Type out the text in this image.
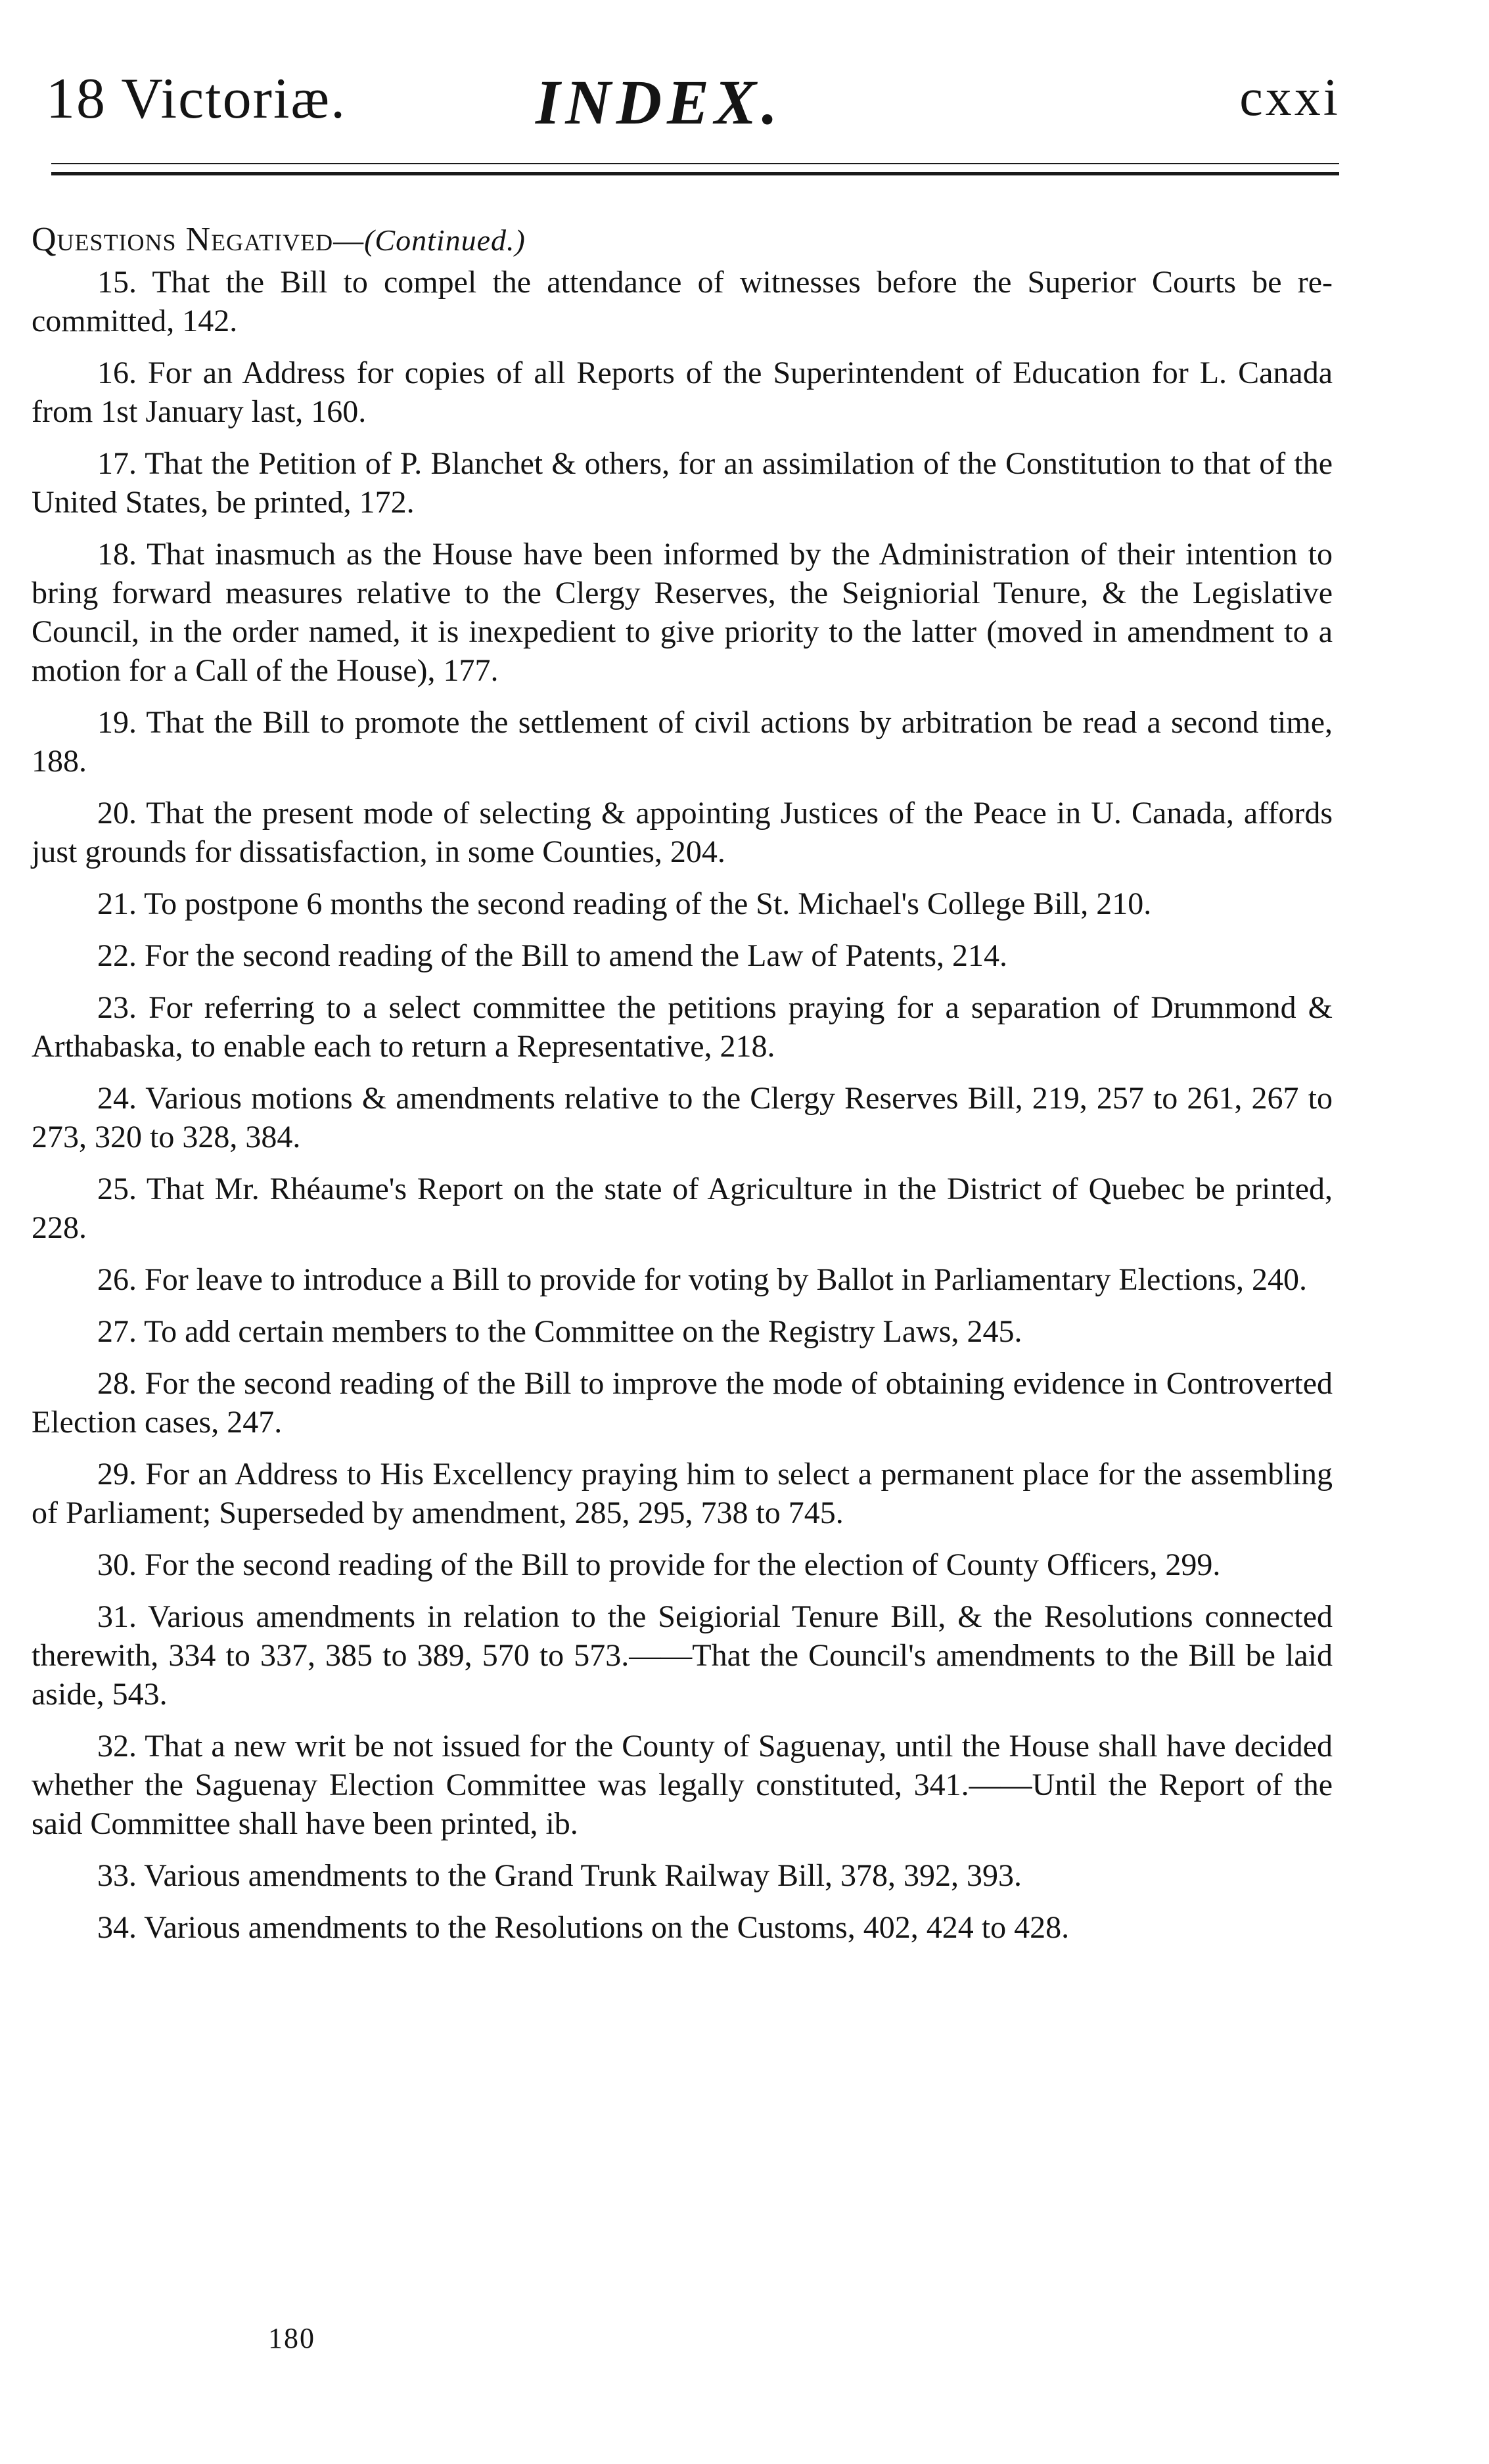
18 Victoriæ.	INDEX.	cxxi
Questions Negatived—(Continued.)

15. That the Bill to compel the attendance of witnesses before the Superior Courts be re-committed, 142.

16. For an Address for copies of all Reports of the Superintendent of Education for L. Canada from 1st January last, 160.

17. That the Petition of P. Blanchet & others, for an assimilation of the Constitution to that of the United States, be printed, 172.

18. That inasmuch as the House have been informed by the Administration of their intention to bring forward measures relative to the Clergy Reserves, the Seigniorial Tenure, & the Legislative Council, in the order named, it is inexpedient to give priority to the latter (moved in amendment to a motion for a Call of the House), 177.

19. That the Bill to promote the settlement of civil actions by arbitration be read a second time, 188.

20. That the present mode of selecting & appointing Justices of the Peace in U. Canada, affords just grounds for dissatisfaction, in some Counties, 204.

21. To postpone 6 months the second reading of the St. Michael's College Bill, 210.

22. For the second reading of the Bill to amend the Law of Patents, 214.

23. For referring to a select committee the petitions praying for a separation of Drummond & Arthabaska, to enable each to return a Representative, 218.

24. Various motions & amendments relative to the Clergy Reserves Bill, 219, 257 to 261, 267 to 273, 320 to 328, 384.

25. That Mr. Rhéaume's Report on the state of Agriculture in the District of Quebec be printed, 228.

26. For leave to introduce a Bill to provide for voting by Ballot in Parliamentary Elections, 240.

27. To add certain members to the Committee on the Registry Laws, 245.

28. For the second reading of the Bill to improve the mode of obtaining evidence in Controverted Election cases, 247.

29. For an Address to His Excellency praying him to select a permanent place for the assembling of Parliament; Superseded by amendment, 285, 295, 738 to 745.

30. For the second reading of the Bill to provide for the election of County Officers, 299.

31. Various amendments in relation to the Seigiorial Tenure Bill, & the Resolutions connected therewith, 334 to 337, 385 to 389, 570 to 573.——That the Council's amendments to the Bill be laid aside, 543.

32. That a new writ be not issued for the County of Saguenay, until the House shall have decided whether the Saguenay Election Committee was legally constituted, 341.——Until the Report of the said Committee shall have been printed, ib.

33. Various amendments to the Grand Trunk Railway Bill, 378, 392, 393.

34. Various amendments to the Resolutions on the Customs, 402, 424 to 428.

180
